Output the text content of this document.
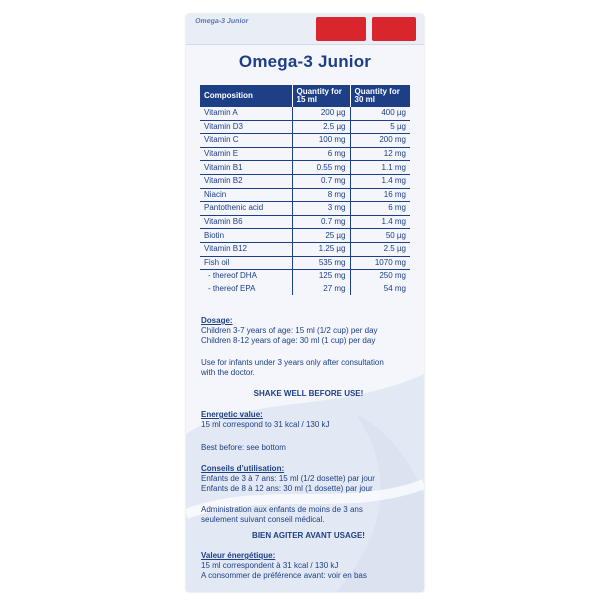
Omega-3 Junior
Omega-3 Junior
Composition	Quantity for 15 ml	Quantity for 30 ml
Vitamin A	200 µg	400 µg
Vitamin D3	2.5 µg	5 µg
Vitamin C	100 mg	200 mg
Vitamin E	6 mg	12 mg
Vitamin B1	0.55 mg	1.1 mg
Vitamin B2	0.7 mg	1.4 mg
Niacin	8 mg	16 mg
Pantothenic acid	3 mg	6 mg
Vitamin B6	0.7 mg	1.4 mg
Biotin	25 µg	50 µg
Vitamin B12	1.25 µg	2.5 µg
Fish oil	535 mg	1070 mg
- thereof DHA	125 mg	250 mg
- thereof EPA	27 mg	54 mg
Dosage:
Children 3-7 years of age: 15 ml (1/2 cup) per day
Children 8-12 years of age: 30 ml (1 cup) per day
Use for infants under 3 years only after consultation
with the doctor.
SHAKE WELL BEFORE USE!
Energetic value:
15 ml correspond to 31 kcal / 130 kJ
Best before: see bottom
Conseils d’utilisation:
Enfants de 3 à 7 ans: 15 ml (1/2 dosette) par jour
Enfants de 8 à 12 ans: 30 ml (1 dosette) par jour
Administration aux enfants de moins de 3 ans
seulement suivant conseil médical.
BIEN AGITER AVANT USAGE!
Valeur énergétique:
15 ml correspondent à 31 kcal / 130 kJ
A consommer de préférence avant: voir en bas
